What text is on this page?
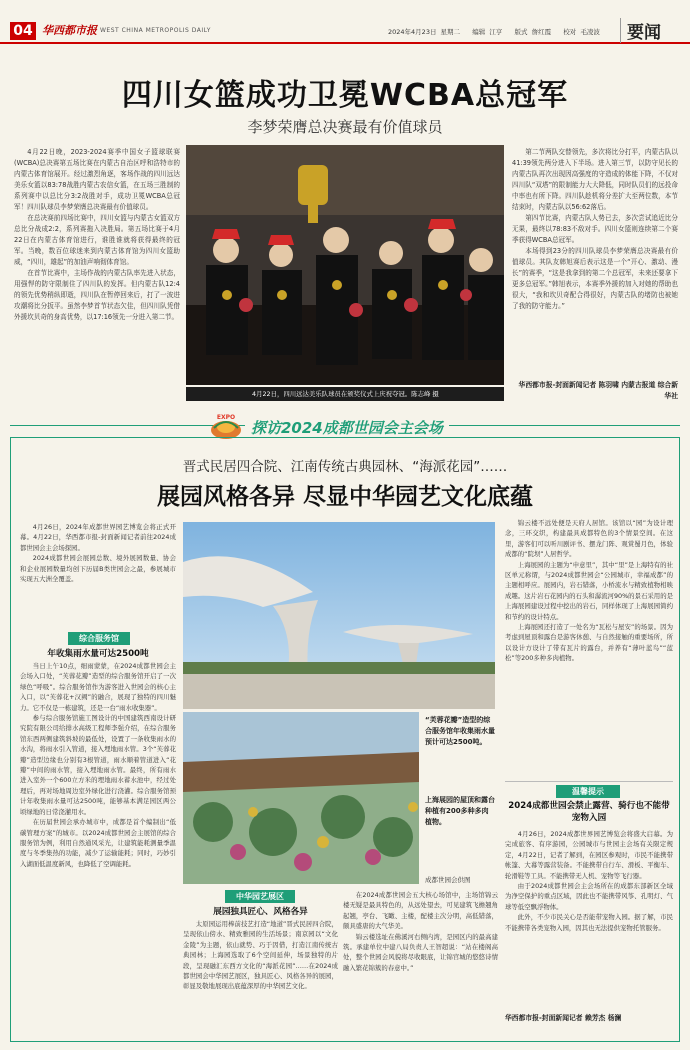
04 华西都市报 WEST CHINA METROPOLIS DAILY	2024年4月23日 星期二 编辑 江亨 版式 詹红霞 校对 毛凌波	要闻
四川女篮成功卫冕WCBA总冠军
李梦荣膺总决赛最有价值球员

4月22日晚，2023-2024赛季中国女子篮球联赛(WCBA)总决赛第五场比赛在内蒙古自治区呼和浩特市的内蒙古体育馆展开。经过激烈角逐，客场作战的四川远达美乐女篮以83:78战胜内蒙古农信女篮，在五场三胜制的系列赛中以总比分3:2战胜对手，成功卫冕WCBA总冠军！四川队球员李梦荣膺总决赛最有价值球员。

在总决赛前四场比赛中，四川女篮与内蒙古女篮双方总比分战成2:2，系列赛拖入决胜局。第五场比赛于4月22日在内蒙古体育馆进行，谁胜谁就将获得最终的冠军。当晚，数百位球迷来到内蒙古体育馆为四川女篮助威，“四川，雄起”的加油声响彻体育馆。

在首节比赛中，主场作战的内蒙古队率先进入状态，用强悍的防守限制住了四川队的发挥。但内蒙古队12:4的领先优势稍纵即逝，四川队在暂停回来后，打了一波进攻潮将比分扳平。虽然李梦首节状态欠佳，但四川队凭借外援坎贝奇的身高优势，以17:16领先一分进入第二节。

4月22日，四川远达美乐队球员在颁奖仪式上庆祝夺冠。陈志峰 摄

第二节两队交替领先，多次将比分打平，内蒙古队以41:39领先两分进入下半场。进入第三节，以防守见长的内蒙古队再次出现因高强度的守造成的体能下降，不仅对四川队“双塔”的限制能力大大降低，同时队员们的远投命中率也有所下降。四川队趁机将分差扩大至两位数，本节结束时，内蒙古队以56:62落后。

第四节比赛，内蒙古队人势已去，多次尝试追近比分无果，最终以78:83不敌对手。四川女篮则连续第二个赛季获得WCBA总冠军。

本场得到23分的四川队球员李梦荣膺总决赛最有价值球员。其队友韩旭赛后表示这是一个“开心、激动、漫长”的赛季，“这是我拿到的第二个总冠军，未来还要拿下更多总冠军。”韩旭表示，本赛季外援的加入对她的帮助也很大，“我和坎贝奇配合得很好，内蒙古队的堵防也被她了我的防守能力。”

华西都市报-封面新闻记者 陈羽啸 内蒙古报道 综合新华社
EXPO
探访2024成都世园会主会场
晋式民居四合院、江南传统古典园林、“海派花园”……
展园风格各异 尽显中华园艺文化底蕴

4月26日，2024年成都世界园艺博览会将正式开幕。4月22日，华西都市报-封面新闻记者前往2024成都世园会主会场探园。

2024成都世园会展园总数、境外展园数量、协会和企业展园数量均创下历届B类世园会之最，参展城市实现五大洲全覆盖。

综合服务馆
年收集雨水量可达2500吨

当日上午10点，细雨蒙蒙，在2024成都世园会主会场入口处，“芙蓉花瓣”造型的综合服务馆开启了一次绿色“呼吸”。综合服务馆作为游客进入世园会的核心主入口，以“芙蓉花+汉阙”的融合，展现了独特的四川魅力。它不仅是一栋建筑，还是一台“雨水收集器”。

参与综合服务馆施工图设计的中国建筑西南设计研究院有限公司给排水高级工程师李强介绍，在综合服务馆东西两侧建筑斜坡的最低处，设置了一条收集雨水的水沟，将雨水引入管道，接入埋地雨水管。3个“芙蓉花瓣”造型边缘也分别有3根管道，雨水顺着管道进入“花瓣”中间的雨水管，接入埋地雨水管。最终，所有雨水进入室外一个600立方米的埋地雨水蓄水池中，经过处理后，再对场地周边室外绿化进行浇灌。综合服务馆预计年收集雨水量可达2500吨，能够基本满足园区两公顷绿地的日常浇灌用水。

在历届世园会承办城市中，成都是首个编制出“低碳管理方案”的城市。以2024成都世园会主展馆的综合服务馆为例，利用自然通风采光，让建筑能耗测量季温度与冬季集热的功能，减少了运输能耗；同时，巧妙引入湖面低温度新风，也降低了空调能耗。

“芙蓉花瓣”造型的综合服务馆年收集雨水量预计可达2500吨。
上海展园的屋顶和露台种植有200多种多肉植物。
成都世园会供图
中华园艺展区
展园独具匠心、风格各异

太原园运用棒前技艺打造“地道”晋式民居四合院，呈现依山傍水、精致雅园的生活场景；南京园以“文化金陵”为主题，依山就势、巧于因借，打造江南传统古典园林；上海园选取了6个空间延伸，场景独特的片段，呈现融汇东西方文化的“海派花园”……在2024成都世园会中华园艺展区，独具匠心、风格各异的展园，彰显及敬地展现出底蕴深厚的中华园艺文化。

在2024成都世园会五大核心场馆中，主场馆锦云楼无疑是最具特色的，从远处望去，可见建筑飞檐翘角起翘，亭台、飞瞰、主楼，配楼主次分明，高低错落，颇具盛唐的大气华美。

锦云楼选址在佛溪河右侧内湾，是园区内的最高建筑。承建单位中建八局负责人王智超说：“站在楼阁高处，整个世园会风貌将尽收眼底，让锦官城的悠悠诗情融入繁花锦簇的春意中。”

锦云楼不远处便是天府人居馆。该馆以“园”为设计理念，三环交织，构建最具成都特色的3个情景空间。在这里，游客们可以听川剧评书、摆龙门阵、观赏蜀月色，体验成都的“院坝”人居哲学。

上海展园的主题为“申意里”，其中“里”是上海特有的社区单元称谓，与2024成都世园会“公园城市，幸福成都”的主题相呼应。展园内，岩石错落，小桥流水与精致植物相映成趣。这片岩石花园内的石头和潺流河90%的景石采用的是上海展园建设过程中挖出的岩石，同样体现了上海展园简约和节约的设计特点。

上海展园还打造了一处名为“瓦松与屋安”的场景。因为考虑到屋顶和露台是游客休憩、与自然接触的重要场所，所以设计方设计了带有瓦片的露台，并养有“薄叶蓝鸟”“蓝松”等200多种多肉植物。

温馨提示
2024成都世园会禁止露营、骑行也不能带宠物入园

4月26日，2024成都世界园艺博览会将盛大启幕。为完成旅客、有序游园，公园城市与世园主会场有关限定规定，4月22日，记者了解到，在园区参观时，市民不能携带帐篷、大幕等露营装备。不能携带自行车、滑板、平衡车、轮滑鞋等工具。不能携带无人机、宠物等飞行器。

由于2024成都世园会主会场所在的成都东部新区全域为净空保护的重点区域，因此也不能携带风筝、孔明灯、气球等低空飘浮物体。

此外，不少市民关心是否能带宠物入园。据了解，市民不能携带各类宠物入园，因其也无法提供宠物托管服务。

华西都市报-封面新闻记者 赖芳杰 杨澜
